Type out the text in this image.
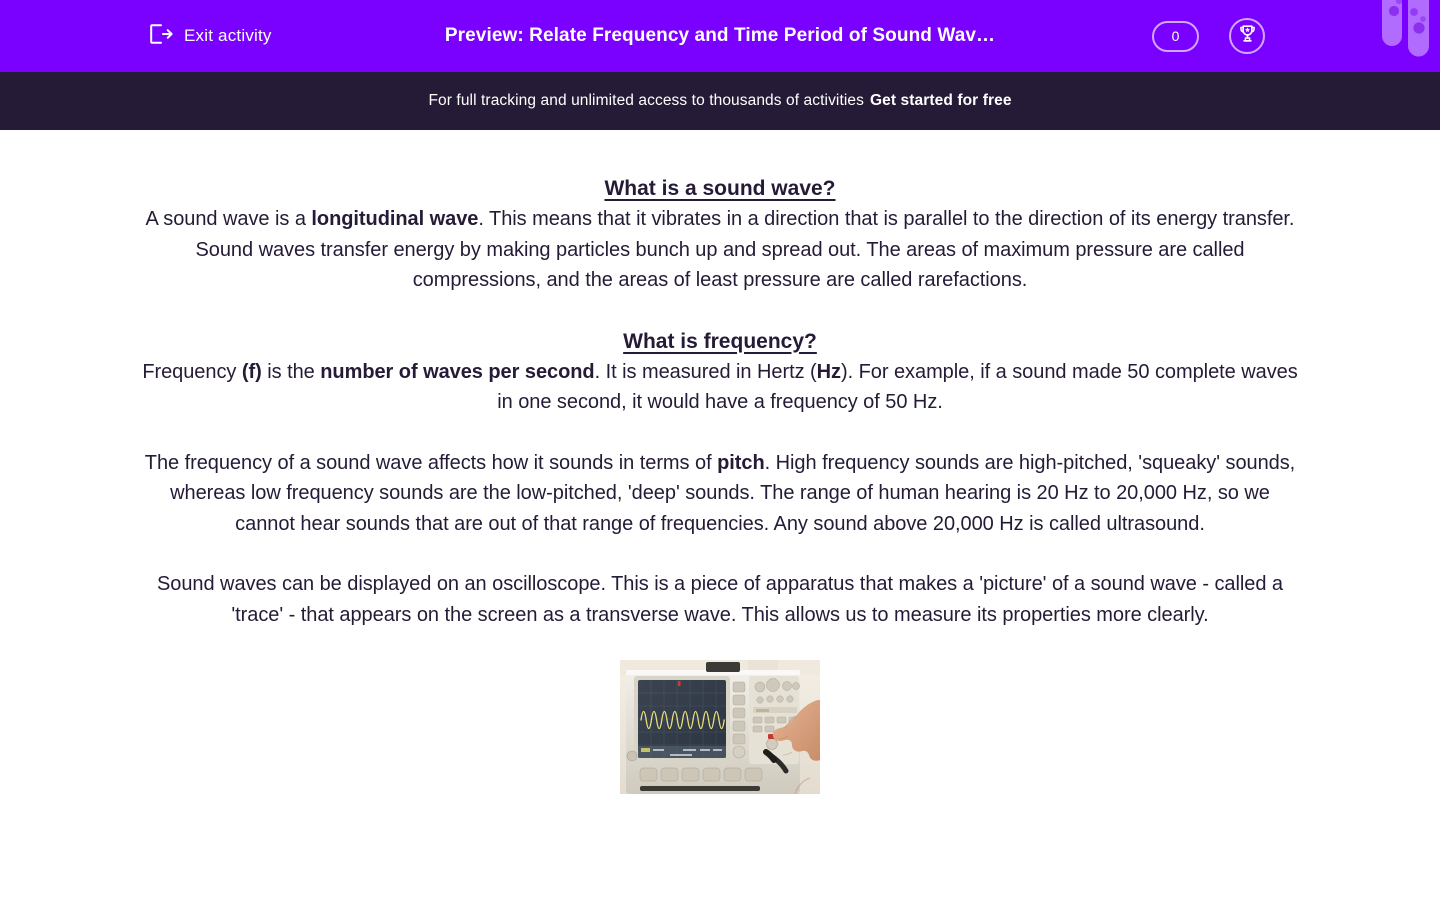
Exit activity	Preview: Relate Frequency and Time Period of Sound Wav…	0
For full tracking and unlimited access to thousands of activities Get started for free
What is a sound wave?

A sound wave is a longitudinal wave. This means that it vibrates in a direction that is parallel to the direction of its energy transfer. Sound waves transfer energy by making particles bunch up and spread out. The areas of maximum pressure are called compressions, and the areas of least pressure are called rarefactions.

What is frequency?

Frequency (f) is the number of waves per second. It is measured in Hertz (Hz). For example, if a sound made 50 complete waves in one second, it would have a frequency of 50 Hz.

The frequency of a sound wave affects how it sounds in terms of pitch. High frequency sounds are high-pitched, 'squeaky' sounds, whereas low frequency sounds are the low-pitched, 'deep' sounds. The range of human hearing is 20 Hz to 20,000 Hz, so we cannot hear sounds that are out of that range of frequencies. Any sound above 20,000 Hz is called ultrasound.

Sound waves can be displayed on an oscilloscope. This is a piece of apparatus that makes a 'picture' of a sound wave - called a 'trace' - that appears on the screen as a transverse wave. This allows us to measure its properties more clearly.
